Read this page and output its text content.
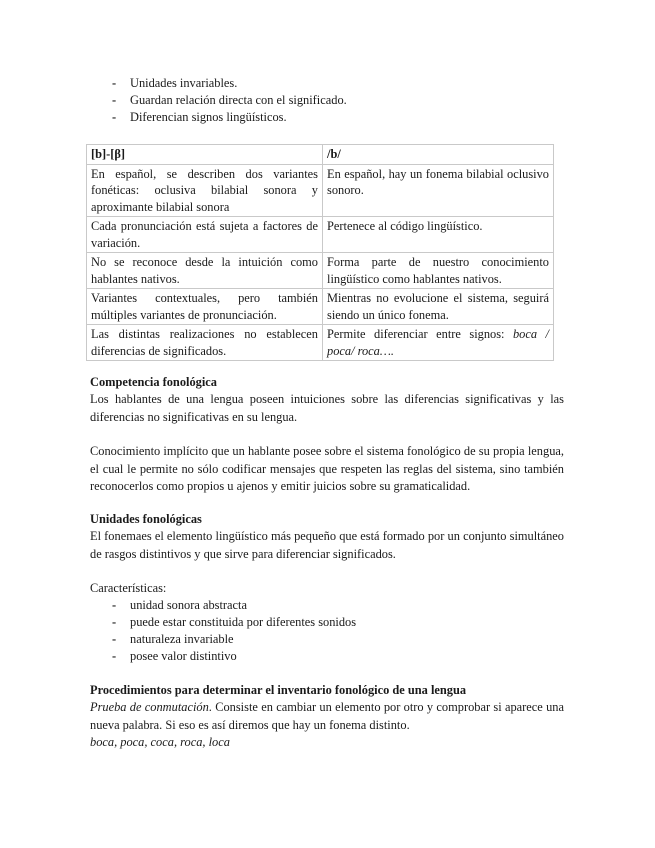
- Unidades invariables.
- Guardan relación directa con el significado.
- Diferencian signos lingüísticos.
[b]-[β]	/b/
En español, se describen dos variantes fonéticas: oclusiva bilabial sonora y aproximante bilabial sonora	En español, hay un fonema bilabial oclusivo sonoro.
Cada pronunciación está sujeta a factores de variación.	Pertenece al código lingüístico.
No se reconoce desde la intuición como hablantes nativos.	Forma parte de nuestro conocimiento lingüístico como hablantes nativos.
Variantes contextuales, pero también múltiples variantes de pronunciación.	Mientras no evolucione el sistema, seguirá siendo un único fonema.
Las distintas realizaciones no establecen diferencias de significados.	Permite diferenciar entre signos: boca / poca/ roca….
Competencia fonológica
Los hablantes de una lengua poseen intuiciones sobre las diferencias significativas y las diferencias no significativas en su lengua.
Conocimiento implícito que un hablante posee sobre el sistema fonológico de su propia lengua, el cual le permite no sólo codificar mensajes que respeten las reglas del sistema, sino también reconocerlos como propios u ajenos y emitir juicios sobre su gramaticalidad.
Unidades fonológicas
El fonemaes el elemento lingüístico más pequeño que está formado por un conjunto simultáneo de rasgos distintivos y que sirve para diferenciar significados.
Características:
- unidad sonora abstracta
- puede estar constituida por diferentes sonidos
- naturaleza invariable
- posee valor distintivo
Procedimientos para determinar el inventario fonológico de una lengua
Prueba de conmutación. Consiste en cambiar un elemento por otro y comprobar si aparece una nueva palabra. Si eso es así diremos que hay un fonema distinto.
boca, poca, coca, roca, loca
